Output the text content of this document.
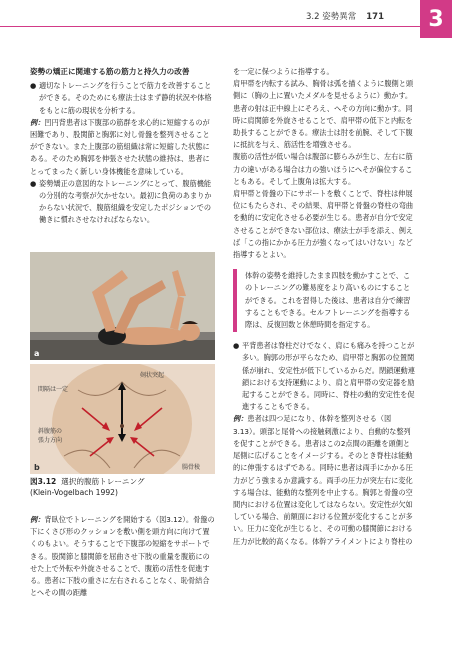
3.2 姿勢異常 171	3

姿勢の矯正に関連する筋の筋力と持久力の改善

● 適切なトレーニングを行うことで筋力を改善することができる。そのためにも療法士はまず静的状況や体格をもとに筋の現状を分析する。

例：凹円背患者は下腹部の筋群を求心的に短縮するのが困難であり、股関節と胸郭に対し骨盤を整列させることができない。また上腹部の筋組織は常に短縮した状態にある。そのため胸郭を伸張させた状態の維持は、患者にとってまったく新しい身体機能を意味している。

● 姿勢矯正の意図的なトレーニングにとって、腹筋機能の分別的な考察が欠かせない。最初に負荷のあまりかからない状況で、腹筋組織を安定したポジションでの働きに慣れさせなければならない。

a
剣状突起
間隔は一定
斜腹筋の
張力方向
腸骨稜
b
図3.12 選択的腹筋トレーニング
(Klein-Vogelbach 1992)

例：背臥位でトレーニングを開始する（図3.12）。骨盤の下にくさび形のクッションを敷い側を頭方向に向けて置くのもよい。そうすることで下腹部の短縮をサポートできる。股関節と膝関節を屈曲させ下肢の重量を腹筋にのせた上で外転や外旋させることで、腹筋の活性を促進する。患者に下肢の重さに左右されることなく、恥骨結合とへその間の距離

を一定に保つように指導する。

肩甲帯を内転する試み、胸骨は弧を描くように腹側と頭側に（胸の上に置いたメダルを見せるように）動かす。患者の射は正中線上にそろえ、へその方向に動かす。同時に肩関節を外旋させることで、肩甲帯の低下と内転を助長することができる。療法士は肘を前腕、そして下腹に抵抗を与え、筋活性を増強させる。

腹筋の活性が低い場合は腹部に膨らみが生じ、左右に筋力の違いがある場合は力の強いほうにへそが偏位することもある。そして上腹角は拡大する。

肩甲帯と骨盤の下にサポートを敷くことで、脊柱は伸展位にもたらされ、その結果、肩甲帯と骨盤の脊柱の弯曲を動的に安定化させる必要が生じる。患者が自分で安定させることができない部位は、療法士が手を添え、例えば「この指にかかる圧力が強くなってはいけない」など指導するとよい。

体幹の姿勢を維持したまま四肢を動かすことで、このトレーニングの難易度をより高いものにすることができる。これを習得した後は、患者は自分で練習することもできる。セルフトレーニングを指導する際は、反復回数と休憩時間を指定する。

● 平背患者は脊柱だけでなく、肩にも痛みを持つことが多い。胸郭の形が平らなため、肩甲帯と胸郭の位置関係が崩れ、安定性が低下しているからだ。閉鎖運動連鎖における支持運動により、肩と肩甲帯の安定器を励起することができる。同時に、脊柱の動的安定性を促進することもできる。

例：患者は四つ足になり、体幹を整列させる（図3.13）。頭部と尾骨への接触刺激により、自動的な整列を促すことができる。患者はこの2点間の距離を頭側と尾側に広げることをイメージする。そのとき脊柱は能動的に伸張するはずである。同時に患者は両手にかかる圧力がどう強まるか意識する。両手の圧力が突左右に変化する場合は、能動的な整列を中止する。胸郭と骨盤の空間内における位置は変化してはならない。安定性が欠如している場合、前額面における位置が変化することが多い。圧力に変化が生じると、その可動の膝関節における圧力が比較的高くなる。体幹アライメントにより脊柱の
